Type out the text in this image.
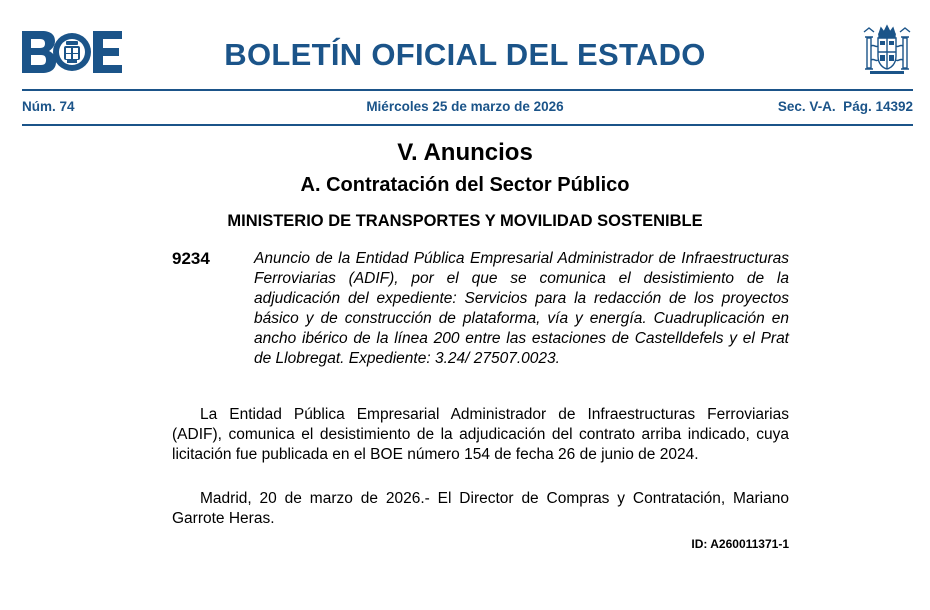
BOLETÍN OFICIAL DEL ESTADO
Núm. 74	Miércoles 25 de marzo de 2026	Sec. V-A.  Pág. 14392
V. Anuncios
A. Contratación del Sector Público
MINISTERIO DE TRANSPORTES Y MOVILIDAD SOSTENIBLE
9234	Anuncio de la Entidad Pública Empresarial Administrador de Infraestructuras Ferroviarias (ADIF), por el que se comunica el desistimiento de la adjudicación del expediente: Servicios para la redacción de los proyectos básico y de construcción de plataforma, vía y energía. Cuadruplicación en ancho ibérico de la línea 200 entre las estaciones de Castelldefels y el Prat de Llobregat. Expediente: 3.24/ 27507.0023.
La Entidad Pública Empresarial Administrador de Infraestructuras Ferroviarias (ADIF), comunica el desistimiento de la adjudicación del contrato arriba indicado, cuya licitación fue publicada en el BOE número 154 de fecha 26 de junio de 2024.
Madrid, 20 de marzo de 2026.- El Director de Compras y Contratación, Mariano Garrote Heras.
ID: A260011371-1
